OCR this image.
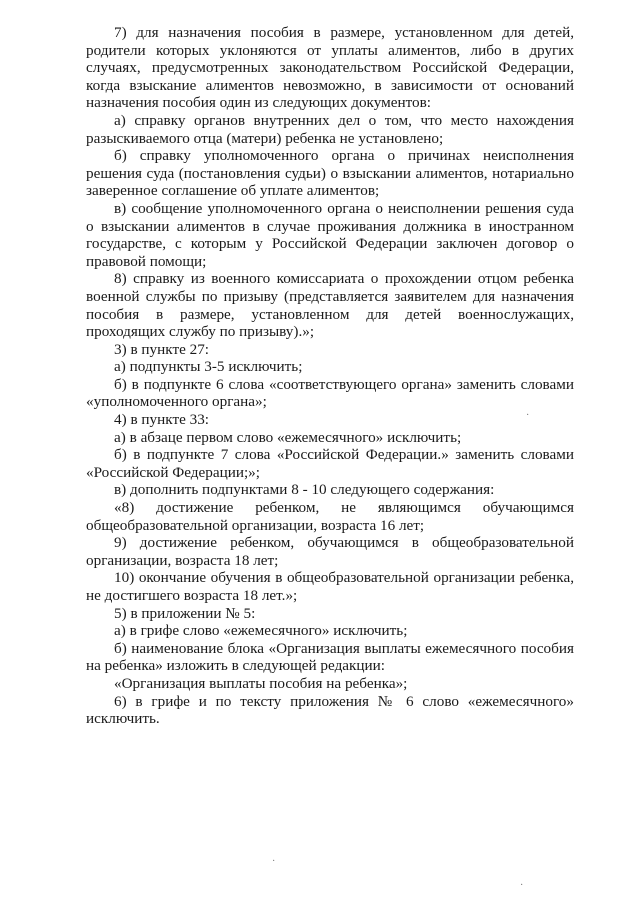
7) для назначения пособия в размере, установленном для детей, родители которых уклоняются от уплаты алиментов, либо в других случаях, предусмотренных законодательством Российской Федерации, когда взыскание алиментов невозможно, в зависимости от оснований назначения пособия один из следующих документов:

а) справку органов внутренних дел о том, что место нахождения разыскиваемого отца (матери) ребенка не установлено;

б) справку уполномоченного органа о причинах неисполнения решения суда (постановления судьи) о взыскании алиментов, нотариально заверенное соглашение об уплате алиментов;

в) сообщение уполномоченного органа о неисполнении решения суда о взыскании алиментов в случае проживания должника в иностранном государстве, с которым у Российской Федерации заключен договор о правовой помощи;

8) справку из военного комиссариата о прохождении отцом ребенка военной службы по призыву (представляется заявителем для назначения пособия в размере, установленном для детей военнослужащих, проходящих службу по призыву).»;

3) в пункте 27:

а) подпункты 3-5 исключить;

б) в подпункте 6 слова «соответствующего органа» заменить словами «уполномоченного органа»;

4) в пункте 33:

а) в абзаце первом слово «ежемесячного» исключить;

б) в подпункте 7 слова «Российской Федерации.» заменить словами «Российской Федерации;»;

в) дополнить подпунктами 8 - 10 следующего содержания:

«8) достижение ребенком, не являющимся обучающимся общеобразовательной организации, возраста 16 лет;

9) достижение ребенком, обучающимся в общеобразовательной организации, возраста 18 лет;

10) окончание обучения в общеобразовательной организации ребенка, не достигшего возраста 18 лет.»;

5) в приложении № 5:

а) в грифе слово «ежемесячного» исключить;

б) наименование блока «Организация выплаты ежемесячного пособия на ребенка» изложить в следующей редакции:

«Организация выплаты пособия на ребенка»;

6) в грифе и по тексту приложения № 6 слово «ежемесячного» исключить.

·
·
·
